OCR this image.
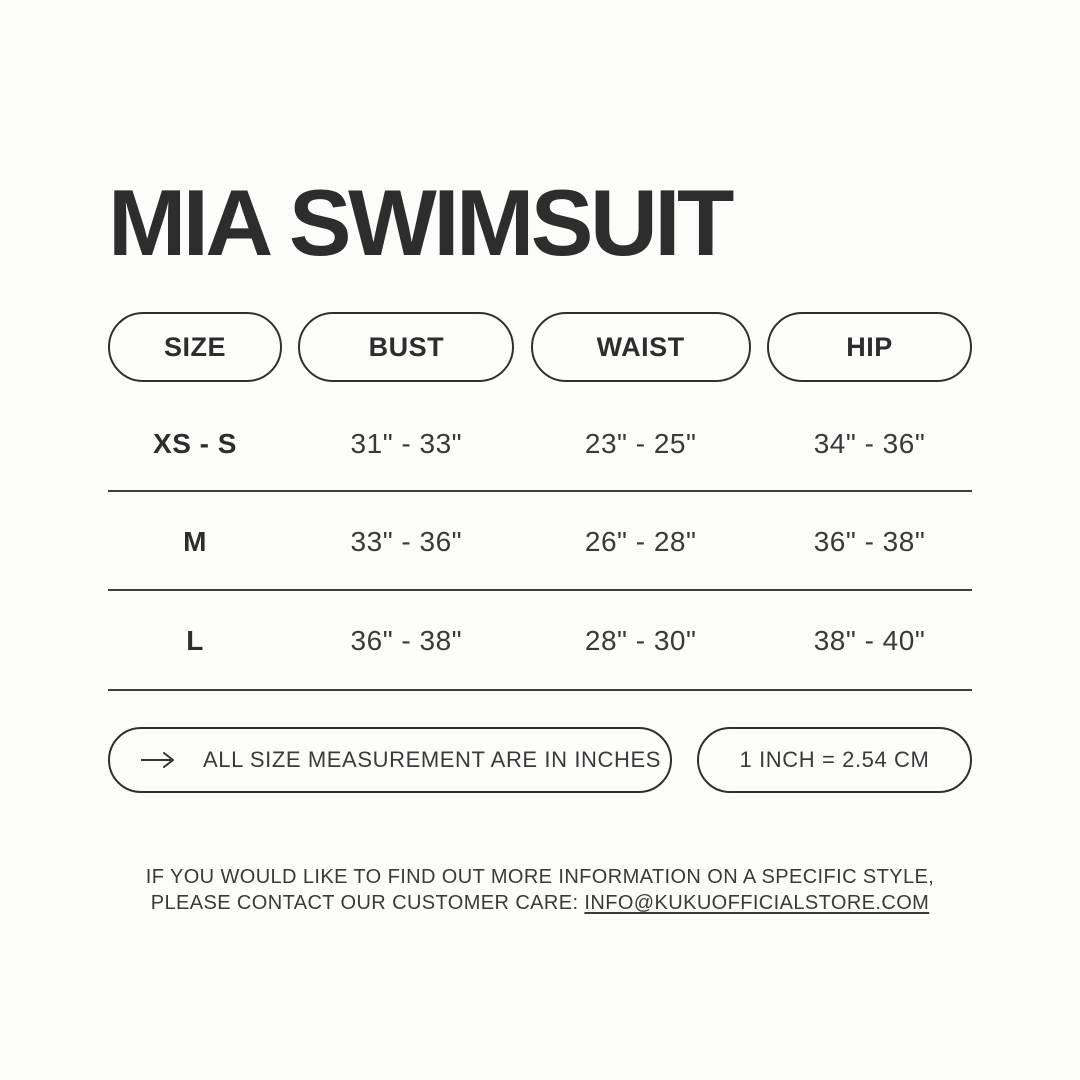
MIA SWIMSUIT
SIZE	BUST	WAIST	HIP
XS - S	31" - 33"	23" - 25"	34" - 36"
M	33" - 36"	26" - 28"	36" - 38"
L	36" - 38"	28" - 30"	38" - 40"
ALL SIZE MEASUREMENT ARE IN INCHES	1 INCH = 2.54 CM
IF YOU WOULD LIKE TO FIND OUT MORE INFORMATION ON A SPECIFIC STYLE,
PLEASE CONTACT OUR CUSTOMER CARE: INFO@KUKUOFFICIALSTORE.COM
